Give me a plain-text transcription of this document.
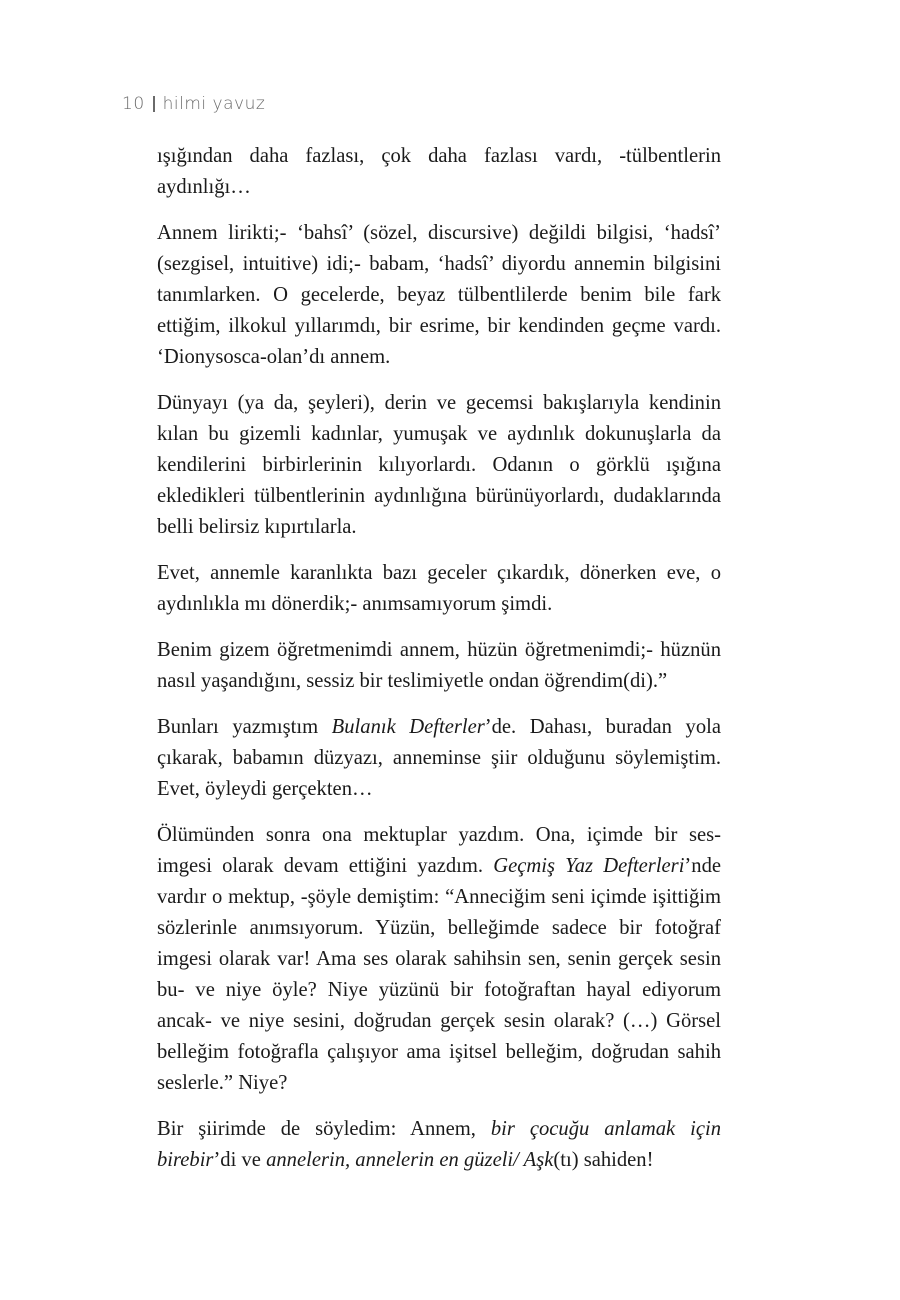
10 hilmi yavuz

ışığından daha fazlası, çok daha fazlası vardı, -tülbentlerin aydınlığı…

Annem lirikti;- ‘bahsî’ (sözel, discursive) değildi bilgisi, ‘hadsî’ (sezgisel, intuitive) idi;- babam, ‘hadsî’ diyordu annemin bilgisini tanımlarken. O gecelerde, beyaz tülbentlilerde benim bile fark ettiğim, ilkokul yıllarımdı, bir esrime, bir kendinden geçme vardı. ‘Dionysosca-olan’dı annem.

Dünyayı (ya da, şeyleri), derin ve gecemsi bakışlarıyla kendinin kılan bu gizemli kadınlar, yumuşak ve aydınlık dokunuşlarla da kendilerini birbirlerinin kılıyorlardı. Odanın o görklü ışığına ekledikleri tülbentlerinin aydınlığına bürünüyorlardı, dudaklarında belli belirsiz kıpırtılarla.

Evet, annemle karanlıkta bazı geceler çıkardık, dönerken eve, o aydınlıkla mı dönerdik;- anımsamıyorum şimdi.

Benim gizem öğretmenimdi annem, hüzün öğretmenimdi;- hüznün nasıl yaşandığını, sessiz bir teslimiyetle ondan öğrendim(di).”

Bunları yazmıştım Bulanık Defterler’de. Dahası, buradan yola çıkarak, babamın düzyazı, anneminse şiir olduğunu söylemiştim. Evet, öyleydi gerçekten…

Ölümünden sonra ona mektuplar yazdım. Ona, içimde bir ses-imgesi olarak devam ettiğini yazdım. Geçmiş Yaz Defterleri’nde vardır o mektup, -şöyle demiştim: “Anneciğim seni içimde işittiğim sözlerinle anımsıyorum. Yüzün, belleğimde sadece bir fotoğraf imgesi olarak var! Ama ses olarak sahihsin sen, senin gerçek sesin bu- ve niye öyle? Niye yüzünü bir fotoğraftan hayal ediyorum ancak- ve niye sesini, doğrudan gerçek sesin olarak? (…) Görsel belleğim fotoğrafla çalışıyor ama işitsel belleğim, doğrudan sahih seslerle.” Niye?

Bir şiirimde de söyledim: Annem, bir çocuğu anlamak için birebir’di ve annelerin, annelerin en güzeli/ Aşk(tı) sahiden!
